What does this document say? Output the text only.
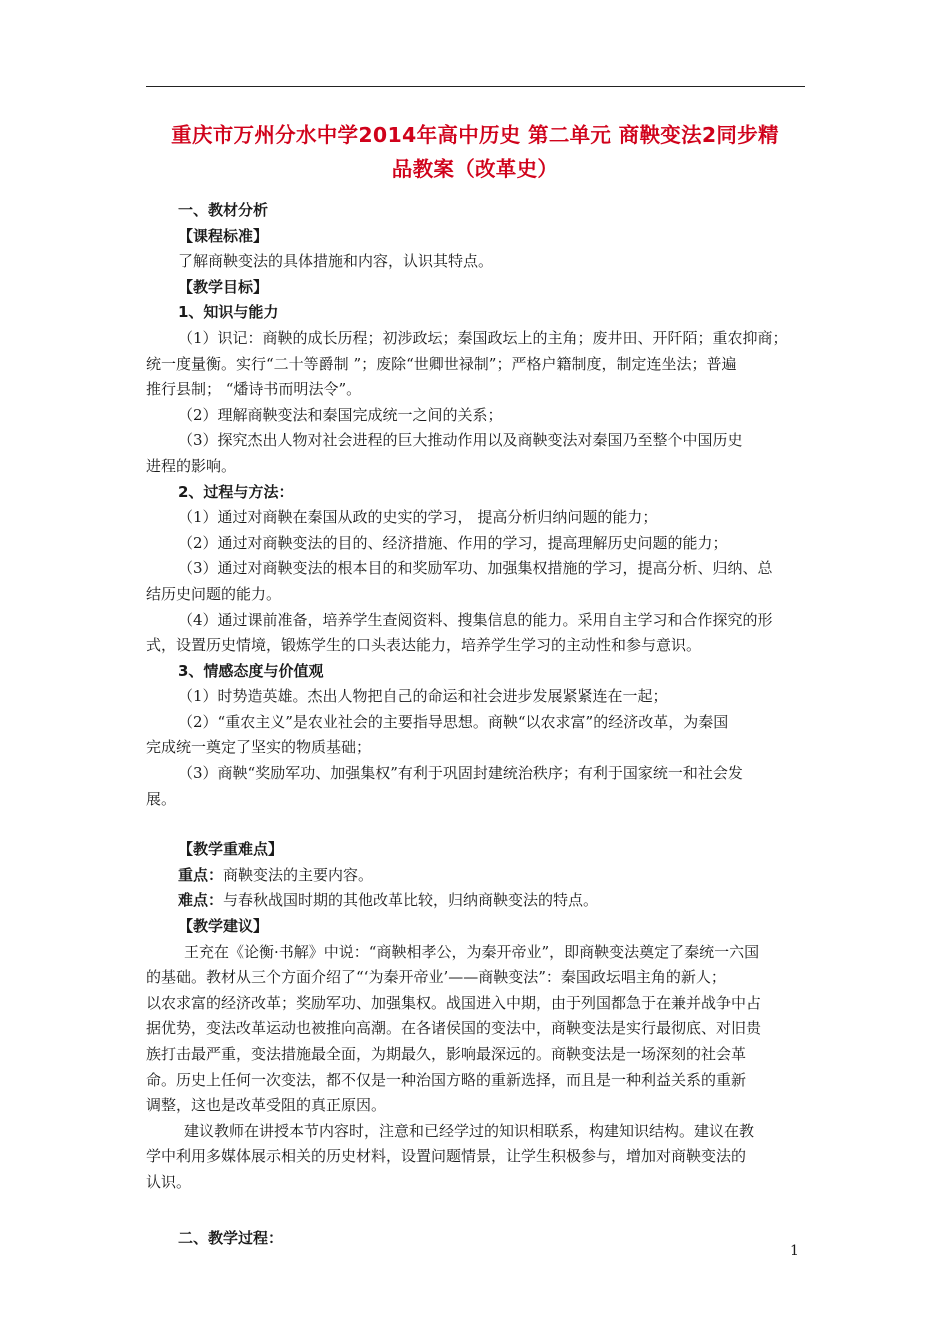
重庆市万州分水中学2014年高中历史 第二单元 商鞅变法2同步精
品教案（改革史）

一、教材分析

【课程标准】

了解商鞅变法的具体措施和内容，认识其特点。

【教学目标】

1、知识与能力

（1）识记：商鞅的成长历程；初涉政坛；秦国政坛上的主角；废井田、开阡陌；重农抑商；

统一度量衡。实行“二十等爵制 ”；废除“世卿世禄制”；严格户籍制度，制定连坐法；普遍

推行县制； “燔诗书而明法令”。

（2）理解商鞅变法和秦国完成统一之间的关系；

（3）探究杰出人物对社会进程的巨大推动作用以及商鞅变法对秦国乃至整个中国历史

进程的影响。

2、过程与方法：

（1）通过对商鞅在秦国从政的史实的学习， 提高分析归纳问题的能力；

（2）通过对商鞅变法的目的、经济措施、作用的学习，提高理解历史问题的能力；

（3）通过对商鞅变法的根本目的和奖励军功、加强集权措施的学习，提高分析、归纳、总

结历史问题的能力。

（4）通过课前准备，培养学生查阅资料、搜集信息的能力。采用自主学习和合作探究的形

式，设置历史情境，锻炼学生的口头表达能力，培养学生学习的主动性和参与意识。

3、情感态度与价值观

（1）时势造英雄。杰出人物把自己的命运和社会进步发展紧紧连在一起；

（2）“重农主义”是农业社会的主要指导思想。商鞅“以农求富”的经济改革，为秦国

完成统一奠定了坚实的物质基础；

（3）商鞅“奖励军功、加强集权”有利于巩固封建统治秩序；有利于国家统一和社会发

展。

【教学重难点】

重点：商鞅变法的主要内容。

难点：与春秋战国时期的其他改革比较，归纳商鞅变法的特点。

【教学建议】

王充在《论衡·书解》中说：“商鞅相孝公，为秦开帝业”，即商鞅变法奠定了秦统一六国

的基础。教材从三个方面介绍了“‘为秦开帝业’——商鞅变法”：秦国政坛唱主角的新人；

以农求富的经济改革；奖励军功、加强集权。战国进入中期，由于列国都急于在兼并战争中占

据优势，变法改革运动也被推向高潮。在各诸侯国的变法中，商鞅变法是实行最彻底、对旧贵

族打击最严重，变法措施最全面，为期最久，影响最深远的。商鞅变法是一场深刻的社会革

命。历史上任何一次变法，都不仅是一种治国方略的重新选择，而且是一种利益关系的重新

调整，这也是改革受阻的真正原因。

建议教师在讲授本节内容时，注意和已经学过的知识相联系，构建知识结构。建议在教

学中利用多媒体展示相关的历史材料，设置问题情景，让学生积极参与，增加对商鞅变法的

认识。

二、教学过程：

1
